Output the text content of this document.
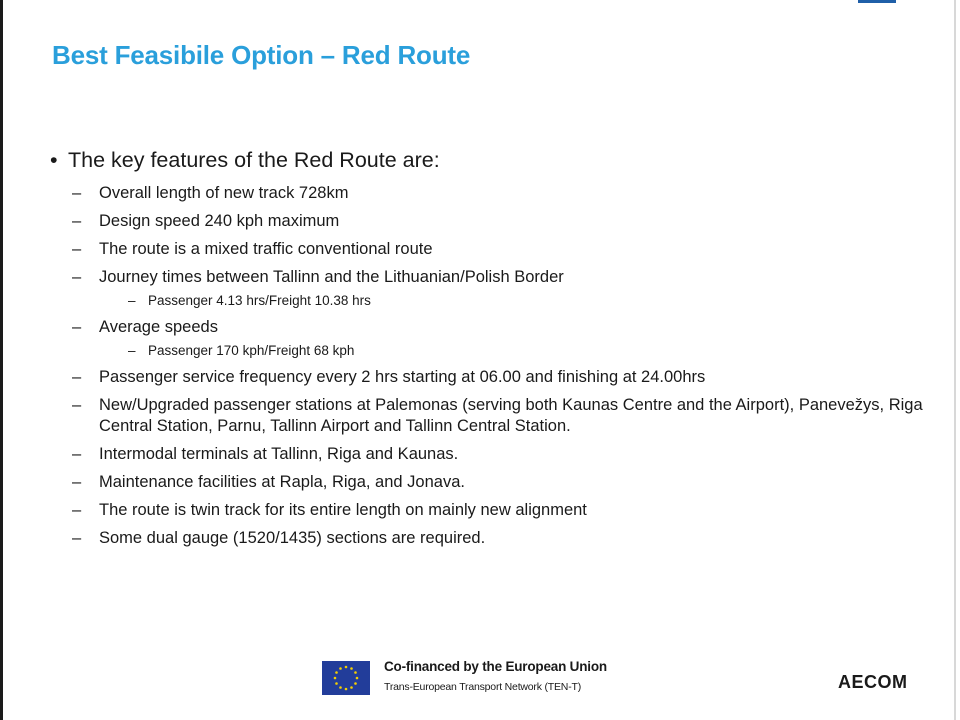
Best Feasibile Option – Red Route
• The key features of the Red Route are:
– Overall length of new track 728km
– Design speed 240 kph maximum
– The route is a mixed traffic conventional route
– Journey times between Tallinn and the Lithuanian/Polish Border
– Passenger 4.13 hrs/Freight 10.38 hrs
– Average speeds
– Passenger 170 kph/Freight 68 kph
– Passenger service frequency every 2 hrs starting at 06.00 and finishing at 24.00hrs
– New/Upgraded passenger stations at Palemonas (serving both Kaunas Centre and the Airport), Panevežys, Riga Central Station, Parnu, Tallinn Airport and Tallinn Central Station.
– Intermodal terminals at Tallinn, Riga and Kaunas.
– Maintenance facilities at Rapla, Riga, and Jonava.
– The route is twin track for its entire length on mainly new alignment
– Some dual gauge (1520/1435) sections are required.
Co-financed by the European Union
Trans-European Transport Network (TEN-T)	AECOM
